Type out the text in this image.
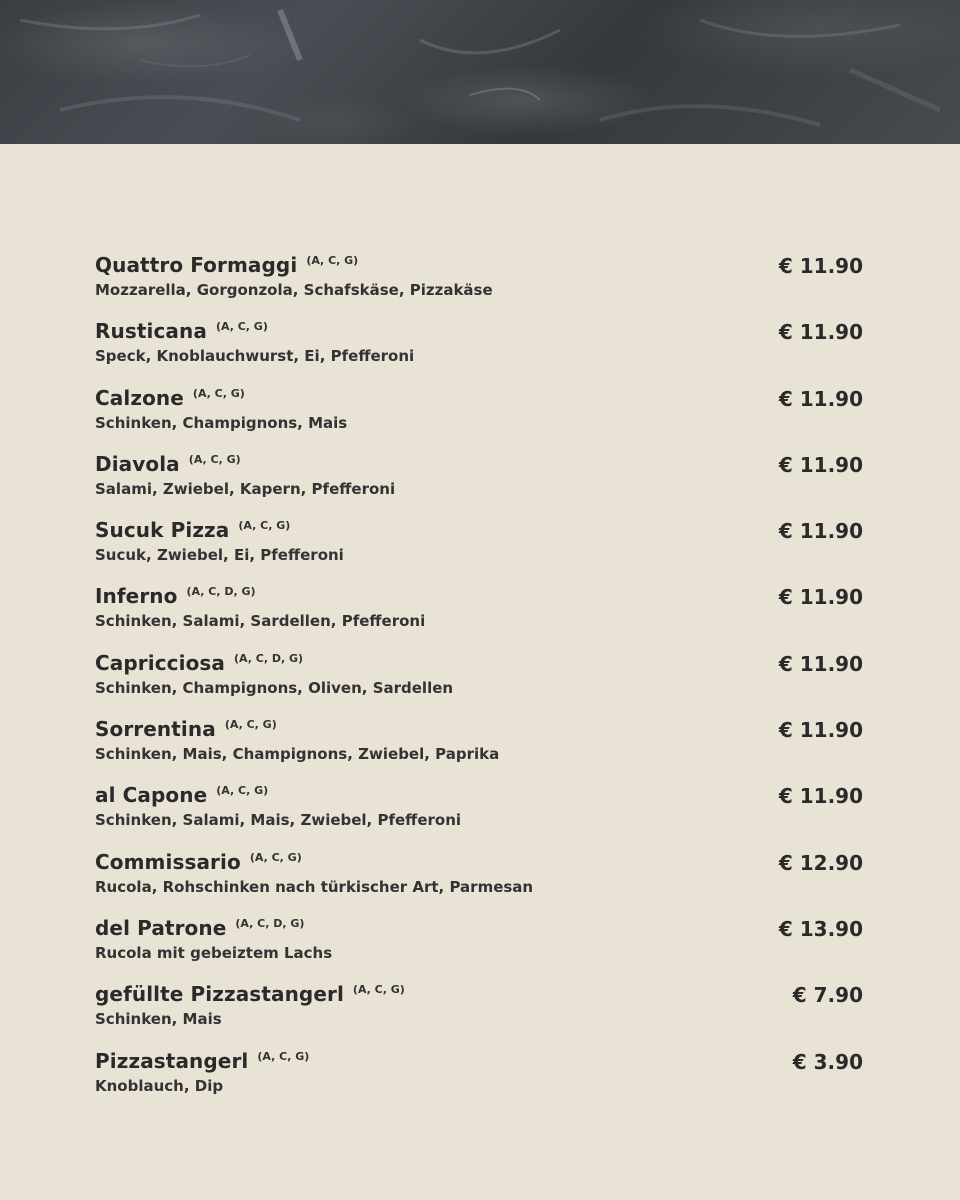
Quattro Formaggi (A, C, G)
Mozzarella, Gorgonzola, Schafskäse, Pizzakäse
€ 11.90
Rusticana (A, C, G)
Speck, Knoblauchwurst, Ei, Pfefferoni
€ 11.90
Calzone (A, C, G)
Schinken, Champignons, Mais
€ 11.90
Diavola (A, C, G)
Salami, Zwiebel, Kapern, Pfefferoni
€ 11.90
Sucuk Pizza (A, C, G)
Sucuk, Zwiebel, Ei, Pfefferoni
€ 11.90
Inferno (A, C, D, G)
Schinken, Salami, Sardellen, Pfefferoni
€ 11.90
Capricciosa (A, C, D, G)
Schinken, Champignons, Oliven, Sardellen
€ 11.90
Sorrentina (A, C, G)
Schinken, Mais, Champignons, Zwiebel, Paprika
€ 11.90
al Capone (A, C, G)
Schinken, Salami, Mais, Zwiebel, Pfefferoni
€ 11.90
Commissario (A, C, G)
Rucola, Rohschinken nach türkischer Art, Parmesan
€ 12.90
del Patrone (A, C, D, G)
Rucola mit gebeiztem Lachs
€ 13.90
gefüllte Pizzastangerl (A, C, G)
Schinken, Mais
€ 7.90
Pizzastangerl (A, C, G)
Knoblauch, Dip
€ 3.90
